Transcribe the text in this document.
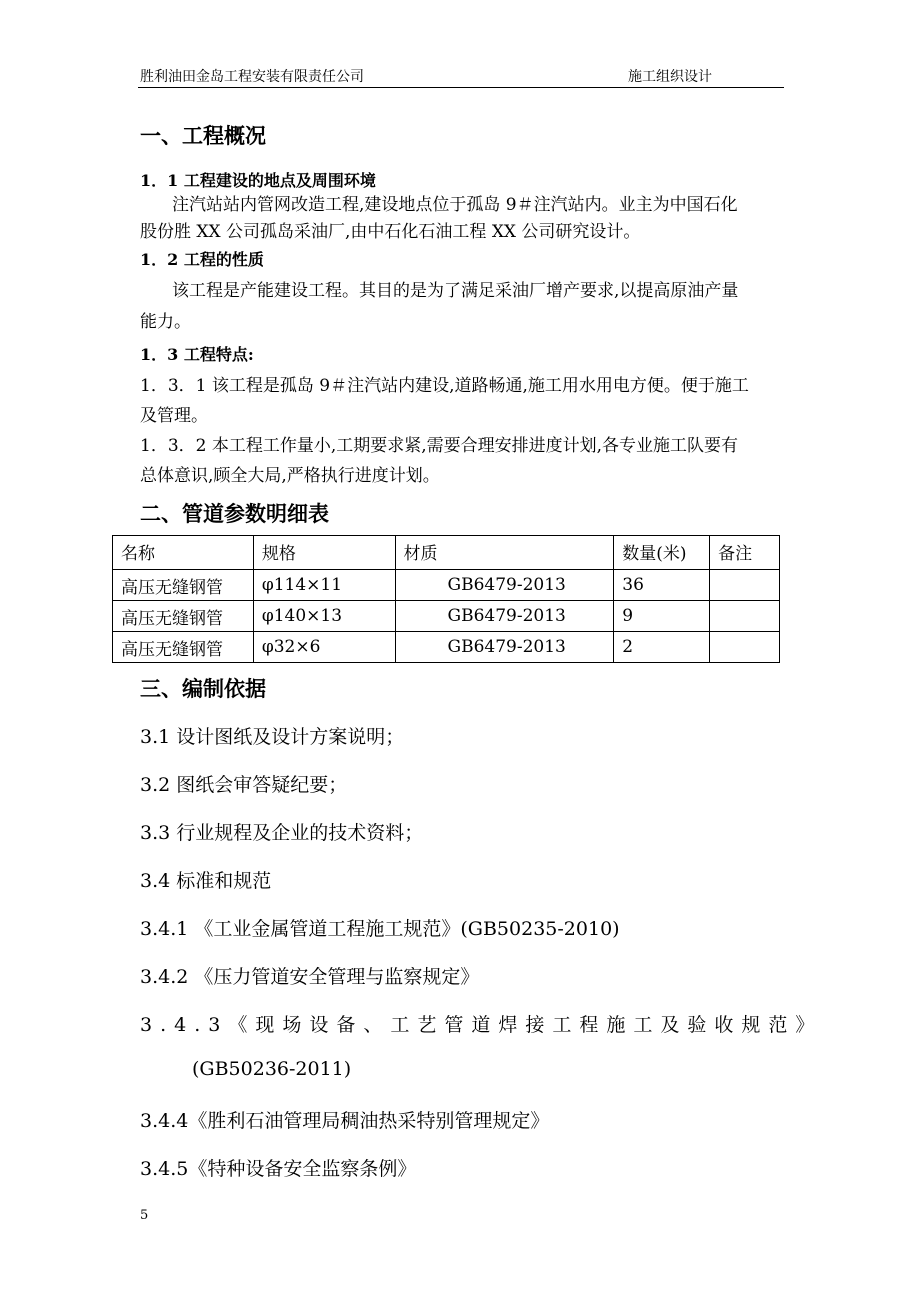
胜利油田金岛工程安装有限责任公司	施工组织设计
一、工程概况
1．1 工程建设的地点及周围环境
注汽站站内管网改造工程,建设地点位于孤岛 9＃注汽站内。业主为中国石化
股份胜 XX 公司孤岛采油厂,由中石化石油工程 XX 公司研究设计。
1．2 工程的性质
该工程是产能建设工程。其目的是为了满足采油厂增产要求,以提高原油产量
能力。
1．3 工程特点:
1．3．1 该工程是孤岛 9＃注汽站内建设,道路畅通,施工用水用电方便。便于施工
及管理。
1．3．2 本工程工作量小,工期要求紧,需要合理安排进度计划,各专业施工队要有
总体意识,顾全大局,严格执行进度计划。
二、管道参数明细表
名称	规格	材质	数量(米)	备注
高压无缝钢管	φ114×11	GB6479-2013	36	
高压无缝钢管	φ140×13	GB6479-2013	9	
高压无缝钢管	φ32×6	GB6479-2013	2	
三、编制依据
3.1 设计图纸及设计方案说明；
3.2 图纸会审答疑纪要；
3.3 行业规程及企业的技术资料；
3.4 标准和规范
3.4.1 《工业金属管道工程施工规范》(GB50235-2010)
3.4.2 《压力管道安全管理与监察规定》
3.4.3《现场设备、工艺管道焊接工程施工及验收规范》
(GB50236-2011)
3.4.4《胜利石油管理局稠油热采特别管理规定》
3.4.5《特种设备安全监察条例》
5
